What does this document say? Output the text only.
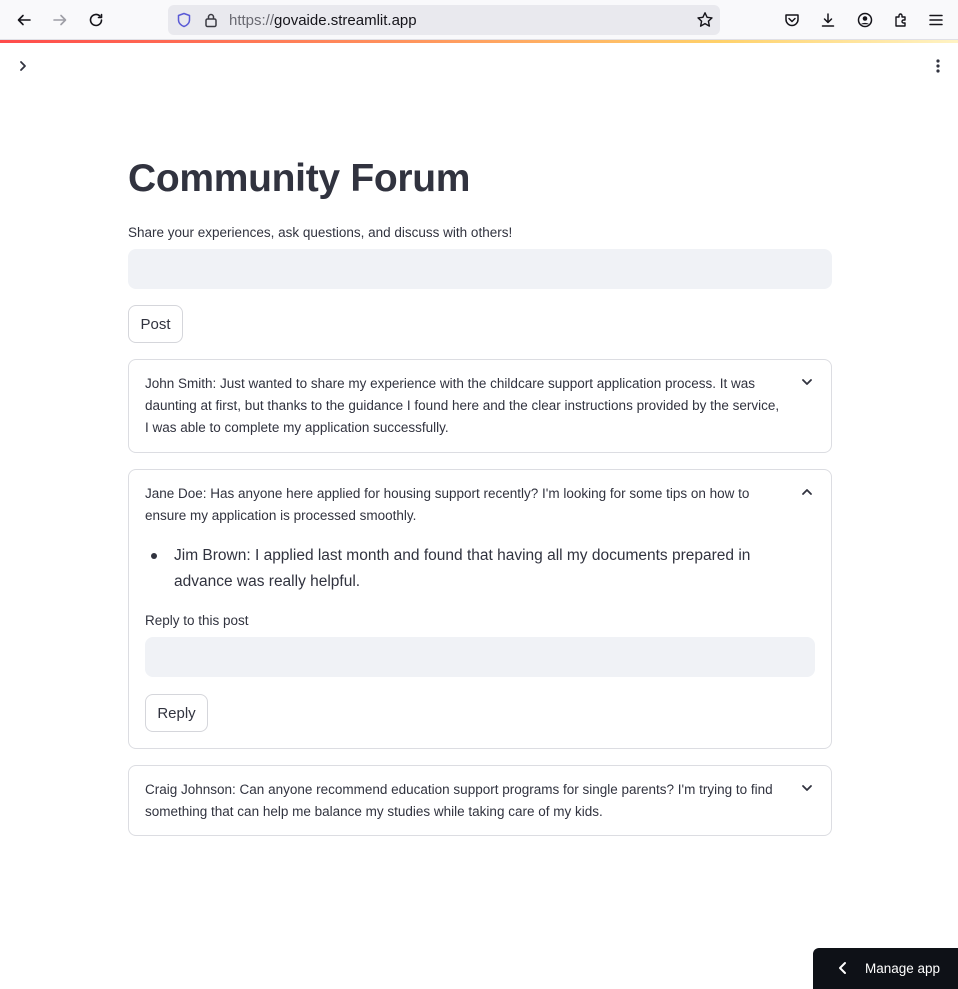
https://govaide.streamlit.app
Community Forum

Share your experiences, ask questions, and discuss with others!

Post
John Smith: Just wanted to share my experience with the childcare support application process. It was daunting at first, but thanks to the guidance I found here and the clear instructions provided by the service, I was able to complete my application successfully.
Jane Doe: Has anyone here applied for housing support recently? I'm looking for some tips on how to ensure my application is processed smoothly.
Jim Brown: I applied last month and found that having all my documents prepared in advance was really helpful.
Reply to this post
Reply
Craig Johnson: Can anyone recommend education support programs for single parents? I'm trying to find something that can help me balance my studies while taking care of my kids.
Manage app
